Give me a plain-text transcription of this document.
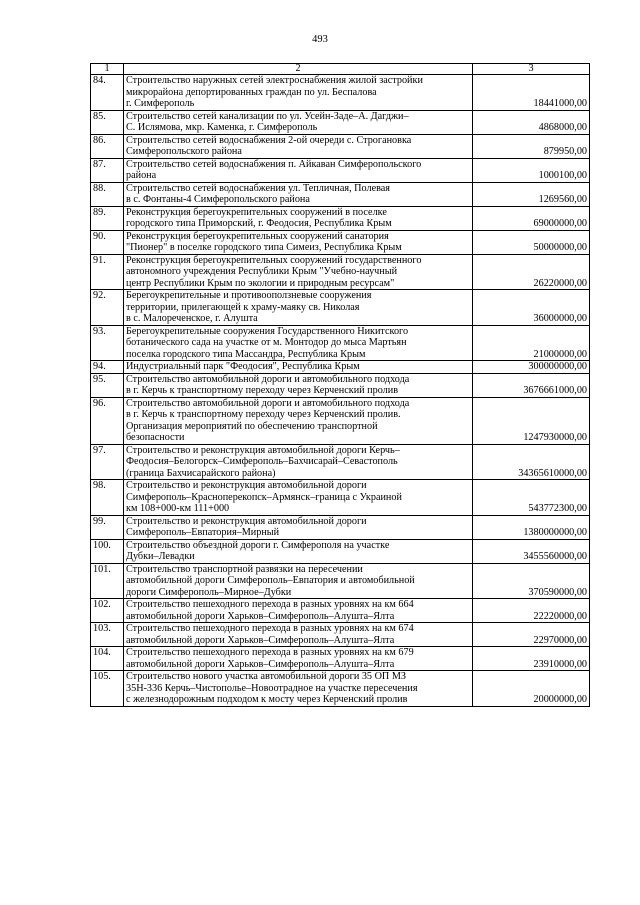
493
1	2	3
84.	Строительство наружных сетей электроснабжения жилой застройки
микрорайона депортированных граждан по ул. Беспалова
г. Симферополь	18441000,00
85.	Строительство сетей канализации по ул. Усейн-Заде–А. Дагджи–
С. Ислямова, мкр. Каменка, г. Симферополь	4868000,00
86.	Строительство сетей водоснабжения 2-ой очереди с. Строгановка
Симферопольского района	879950,00
87.	Строительство сетей водоснабжения п. Айкаван Симферопольского
района	1000100,00
88.	Строительство сетей водоснабжения ул. Тепличная, Полевая
в с. Фонтаны-4 Симферопольского района	1269560,00
89.	Реконструкция берегоукрепительных сооружений в поселке
городского типа Приморский, г. Феодосия, Республика Крым	69000000,00
90.	Реконструкция берегоукрепительных сооружений санатория
"Пионер" в поселке городского типа Симеиз, Республика Крым	50000000,00
91.	Реконструкция берегоукрепительных сооружений государственного
автономного учреждения Республики Крым "Учебно-научный
центр Республики Крым по экологии и природным ресурсам"	26220000,00
92.	Берегоукрепительные и противооползневые сооружения
территории, прилегающей к храму-маяку св. Николая
в с. Малореченское, г. Алушта	36000000,00
93.	Берегоукрепительные сооружения Государственного Никитского
ботанического сада на участке от м. Монтодор до мыса Мартьян
поселка городского типа Массандра, Республика Крым	21000000,00
94.	Индустриальный парк "Феодосия", Республика Крым	300000000,00
95.	Строительство автомобильной дороги и автомобильного подхода
в г. Керчь к транспортному переходу через Керченский пролив	3676661000,00
96.	Строительство автомобильной дороги и автомобильного подхода
в г. Керчь к транспортному переходу через Керченский пролив.
Организация мероприятий по обеспечению транспортной
безопасности	1247930000,00
97.	Строительство и реконструкция автомобильной дороги Керчь–
Феодосия–Белогорск–Симферополь–Бахчисарай–Севастополь
(граница Бахчисарайского района)	34365610000,00
98.	Строительство и реконструкция автомобильной дороги
Симферополь–Красноперекопск–Армянск–граница с Украиной
км 108+000-км 111+000	543772300,00
99.	Строительство и реконструкция автомобильной дороги
Симферополь–Евпатория–Мирный	1380000000,00
100.	Строительство объездной дороги г. Симферополя на участке
Дубки–Левадки	3455560000,00
101.	Строительство транспортной развязки на пересечении
автомобильной дороги Симферополь–Евпатория и автомобильной
дороги Симферополь–Мирное–Дубки	370590000,00
102.	Строительство пешеходного перехода в разных уровнях на км 664
автомобильной дороги Харьков–Симферополь–Алушта–Ялта	22220000,00
103.	Строительство пешеходного перехода в разных уровнях на км 674
автомобильной дороги Харьков–Симферополь–Алушта–Ялта	22970000,00
104.	Строительство пешеходного перехода в разных уровнях на км 679
автомобильной дороги Харьков–Симферополь–Алушта–Ялта	23910000,00
105.	Строительство нового участка автомобильной дороги 35 ОП МЗ
35Н-336 Керчь–Чистополье–Новоотрадное на участке пересечения
с железнодорожным подходом к мосту через Керченский пролив	20000000,00
